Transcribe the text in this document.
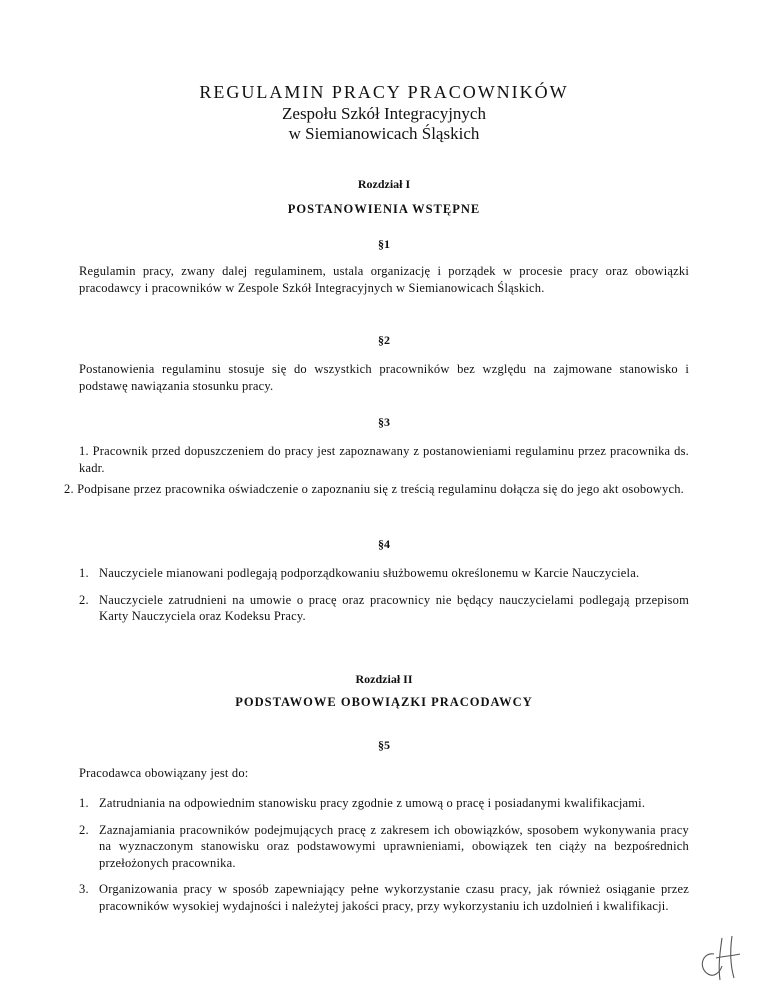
REGULAMIN PRACY PRACOWNIKÓW
Zespołu Szkół Integracyjnych
w Siemianowicach Śląskich
Rozdział I
POSTANOWIENIA WSTĘPNE
§1
Regulamin pracy, zwany dalej regulaminem, ustala organizację i porządek w procesie pracy oraz obowiązki pracodawcy i pracowników w Zespole Szkół Integracyjnych w Siemianowicach Śląskich.
§2
Postanowienia regulaminu stosuje się do wszystkich pracowników bez względu na zajmowane stanowisko i podstawę nawiązania stosunku pracy.
§3
1. Pracownik przed dopuszczeniem do pracy jest zapoznawany z postanowieniami regulaminu przez pracownika ds. kadr.
2. Podpisane przez pracownika oświadczenie o zapoznaniu się z treścią regulaminu dołącza się do jego akt osobowych.
§4
1. Nauczyciele mianowani podlegają podporządkowaniu służbowemu określonemu w Karcie Nauczyciela.
2. Nauczyciele zatrudnieni na umowie o pracę oraz pracownicy nie będący nauczycielami podlegają przepisom Karty Nauczyciela oraz Kodeksu Pracy.
Rozdział II
PODSTAWOWE OBOWIĄZKI PRACODAWCY
§5
Pracodawca obowiązany jest do:
1. Zatrudniania na odpowiednim stanowisku pracy zgodnie z umową o pracę i posiadanymi kwalifikacjami.
2. Zaznajamiania pracowników podejmujących pracę z zakresem ich obowiązków, sposobem wykonywania pracy na wyznaczonym stanowisku oraz podstawowymi uprawnieniami, obowiązek ten ciąży na bezpośrednich przełożonych pracownika.
3. Organizowania pracy w sposób zapewniający pełne wykorzystanie czasu pracy, jak również osiąganie przez pracowników wysokiej wydajności i należytej jakości pracy, przy wykorzystaniu ich uzdolnień i kwalifikacji.
